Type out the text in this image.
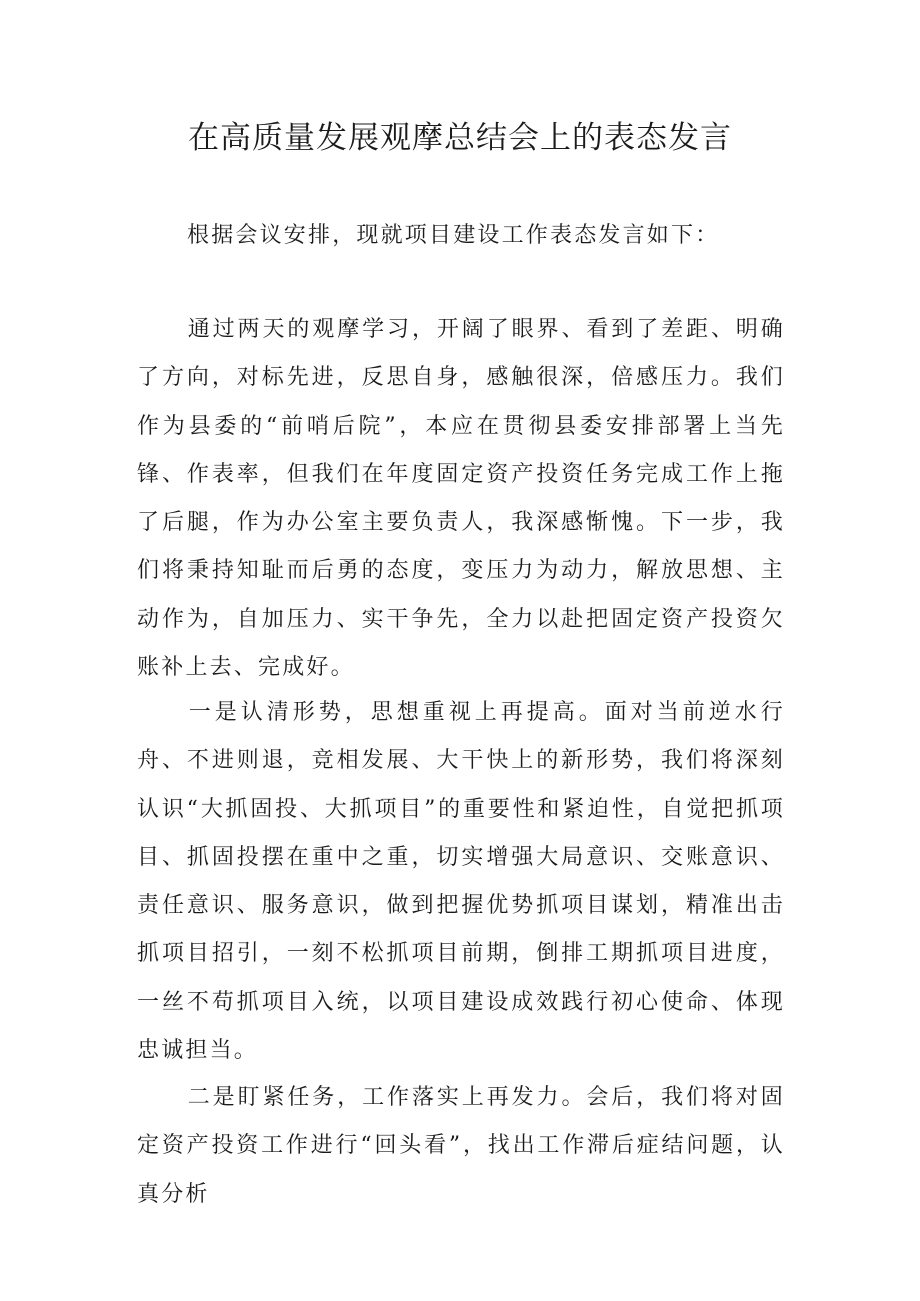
在高质量发展观摩总结会上的表态发言

根据会议安排，现就项目建设工作表态发言如下：

通过两天的观摩学习，开阔了眼界、看到了差距、明确了方向，对标先进，反思自身，感触很深，倍感压力。我们作为县委的“前哨后院”，本应在贯彻县委安排部署上当先锋、作表率，但我们在年度固定资产投资任务完成工作上拖了后腿，作为办公室主要负责人，我深感惭愧。下一步，我们将秉持知耻而后勇的态度，变压力为动力，解放思想、主动作为，自加压力、实干争先，全力以赴把固定资产投资欠账补上去、完成好。

一是认清形势，思想重视上再提高。面对当前逆水行舟、不进则退，竞相发展、大干快上的新形势，我们将深刻认识“大抓固投、大抓项目”的重要性和紧迫性，自觉把抓项目、抓固投摆在重中之重，切实增强大局意识、交账意识、责任意识、服务意识，做到把握优势抓项目谋划，精准出击抓项目招引，一刻不松抓项目前期，倒排工期抓项目进度，一丝不苟抓项目入统，以项目建设成效践行初心使命、体现忠诚担当。

二是盯紧任务，工作落实上再发力。会后，我们将对固定资产投资工作进行“回头看”，找出工作滞后症结问题，认真分析
